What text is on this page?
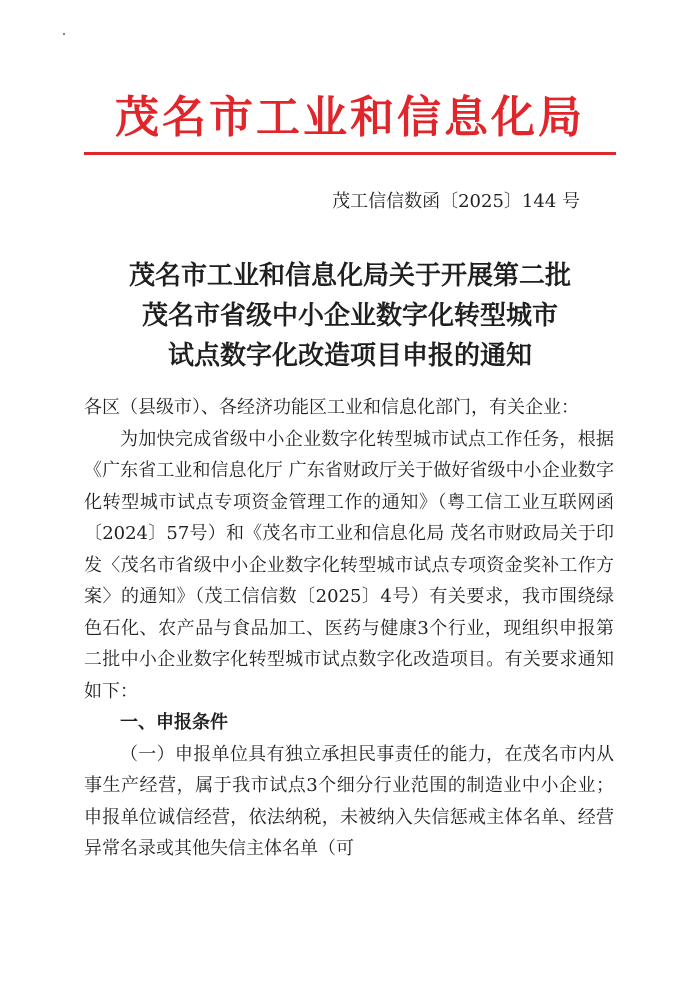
茂名市工业和信息化局
茂工信信数函〔2025〕144 号
茂名市工业和信息化局关于开展第二批
茂名市省级中小企业数字化转型城市
试点数字化改造项目申报的通知

各区（县级市）、各经济功能区工业和信息化部门，有关企业：

为加快完成省级中小企业数字化转型城市试点工作任务，根据《广东省工业和信息化厅 广东省财政厅关于做好省级中小企业数字化转型城市试点专项资金管理工作的通知》（粤工信工业互联网函〔2024〕57号）和《茂名市工业和信息化局 茂名市财政局关于印发〈茂名市省级中小企业数字化转型城市试点专项资金奖补工作方案〉的通知》（茂工信信数〔2025〕4号）有关要求，我市围绕绿色石化、农产品与食品加工、医药与健康3个行业，现组织申报第二批中小企业数字化转型城市试点数字化改造项目。有关要求通知如下：

一、申报条件

（一）申报单位具有独立承担民事责任的能力，在茂名市内从事生产经营，属于我市试点3个细分行业范围的制造业中小企业；申报单位诚信经营，依法纳税，未被纳入失信惩戒主体名单、经营异常名录或其他失信主体名单（可
